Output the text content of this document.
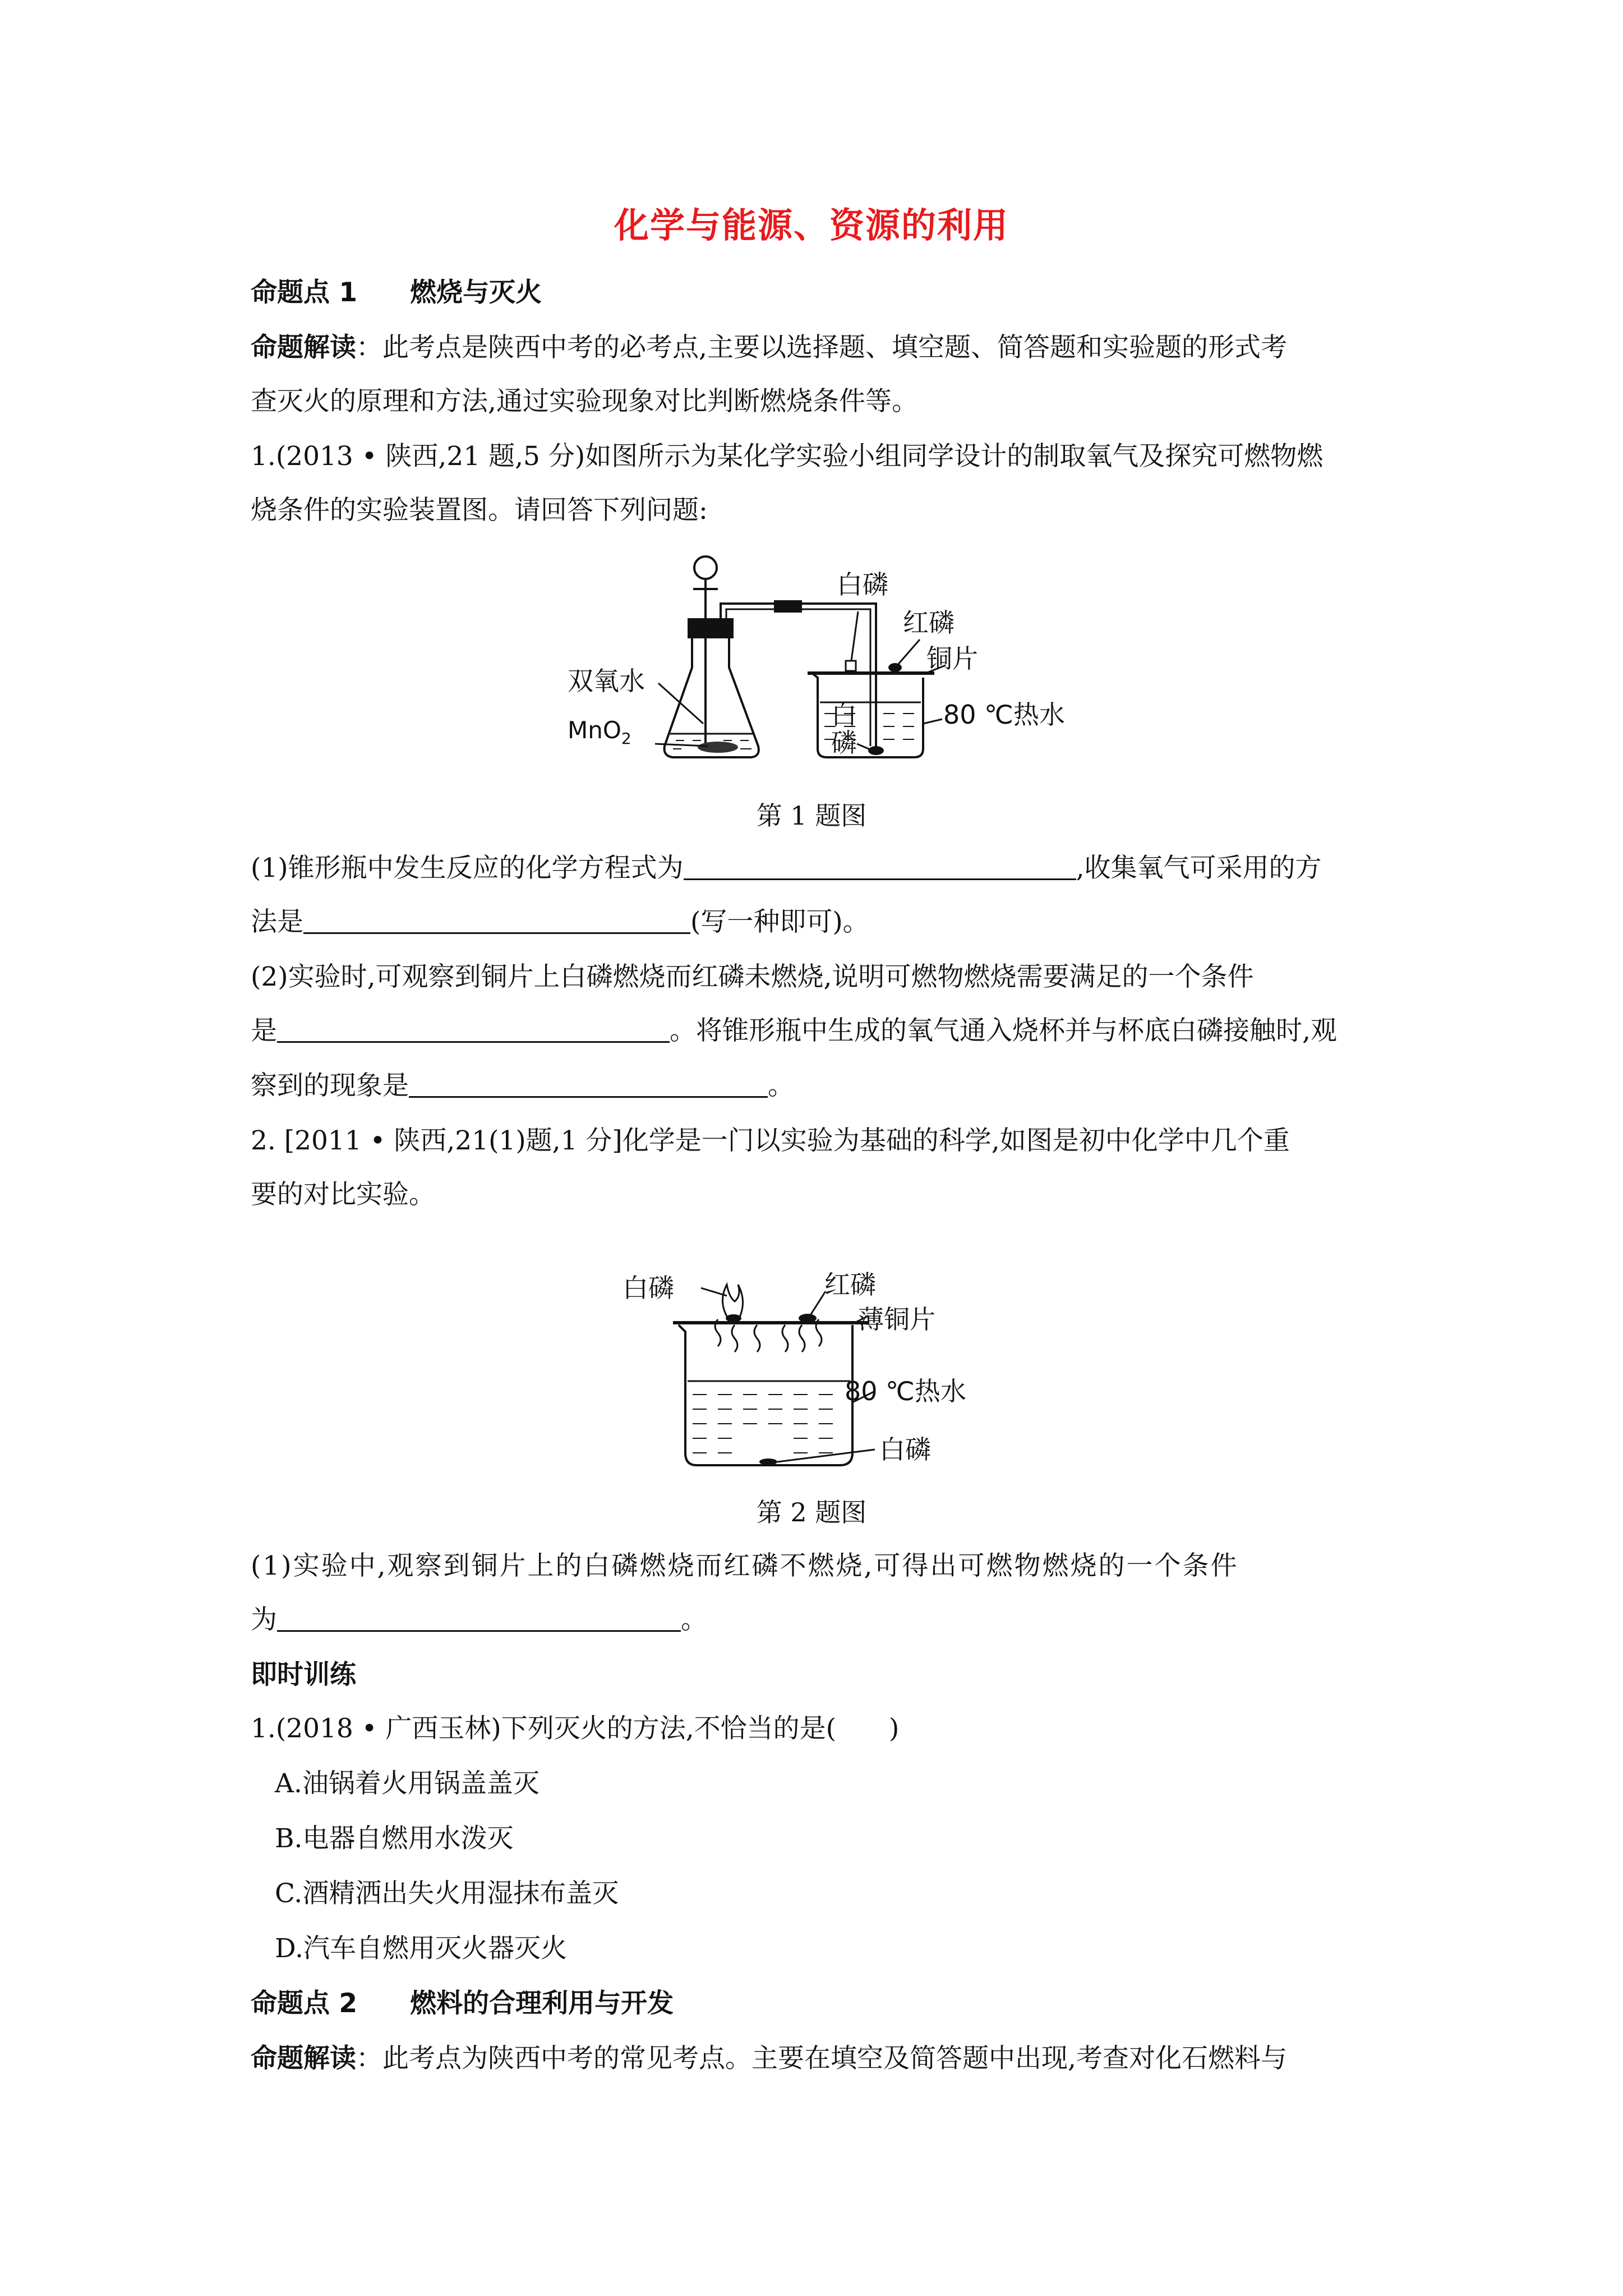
化学与能源、资源的利用
命题点 1　　燃烧与灭火
命题解读：此考点是陕西中考的必考点,主要以选择题、填空题、简答题和实验题的形式考
查灭火的原理和方法,通过实验现象对比判断燃烧条件等。
1.(2013 • 陕西,21 题,5 分)如图所示为某化学实验小组同学设计的制取氧气及探究可燃物燃
烧条件的实验装置图。请回答下列问题:
白磷
红磷
铜片
双氧水
MnO$_2$
白
磷
80 ℃热水
第 1 题图
(1)锥形瓶中发生反应的化学方程式为	,收集氧气可采用的方
法是	(写一种即可)。
(2)实验时,可观察到铜片上白磷燃烧而红磷未燃烧,说明可燃物燃烧需要满足的一个条件
是	。将锥形瓶中生成的氧气通入烧杯并与杯底白磷接触时,观
察到的现象是	。
2. [2011 • 陕西,21(1)题,1 分]化学是一门以实验为基础的科学,如图是初中化学中几个重
要的对比实验。
白磷	红磷
薄铜片
80 ℃热水
白磷
第 2 题图
(1)实验中,观察到铜片上的白磷燃烧而红磷不燃烧,可得出可燃物燃烧的一个条件
为	。
即时训练
1.(2018 • 广西玉林)下列灭火的方法,不恰当的是(　　)
A.油锅着火用锅盖盖灭
B.电器自燃用水泼灭
C.酒精洒出失火用湿抹布盖灭
D.汽车自燃用灭火器灭火
命题点 2　　燃料的合理利用与开发
命题解读：此考点为陕西中考的常见考点。主要在填空及简答题中出现,考查对化石燃料与
